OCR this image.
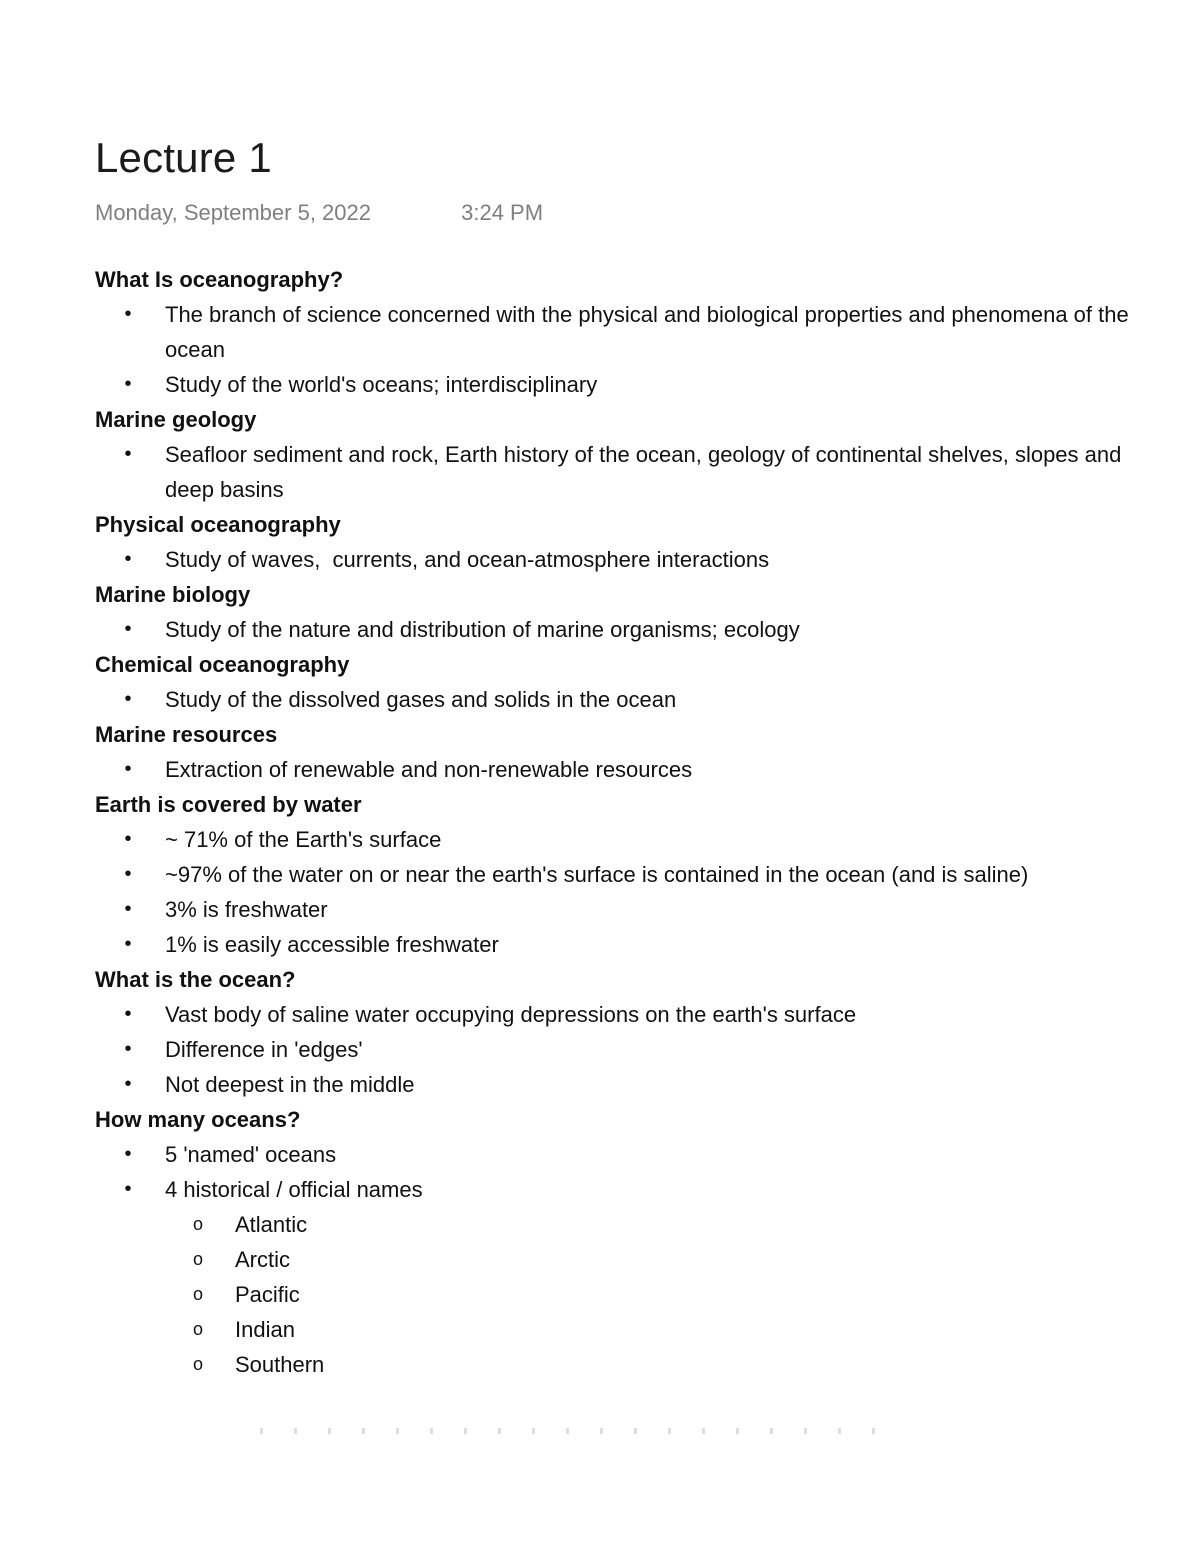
Lecture 1
Monday, September 5, 2022	3:24 PM

What Is oceanography?

• The branch of science concerned with the physical and biological properties and phenomena of the ocean
• Study of the world's oceans; interdisciplinary

Marine geology

• Seafloor sediment and rock, Earth history of the ocean, geology of continental shelves, slopes and deep basins

Physical oceanography

• Study of waves,  currents, and ocean-atmosphere interactions

Marine biology

• Study of the nature and distribution of marine organisms; ecology

Chemical oceanography

• Study of the dissolved gases and solids in the ocean

Marine resources

• Extraction of renewable and non-renewable resources

Earth is covered by water

• ~ 71% of the Earth's surface
• ~97% of the water on or near the earth's surface is contained in the ocean (and is saline)
• 3% is freshwater
• 1% is easily accessible freshwater

What is the ocean?

• Vast body of saline water occupying depressions on the earth's surface
• Difference in 'edges'
• Not deepest in the middle

How many oceans?

• 5 'named' oceans
• 4 historical / official names
o Atlantic
o Arctic
o Pacific
o Indian
o Southern
